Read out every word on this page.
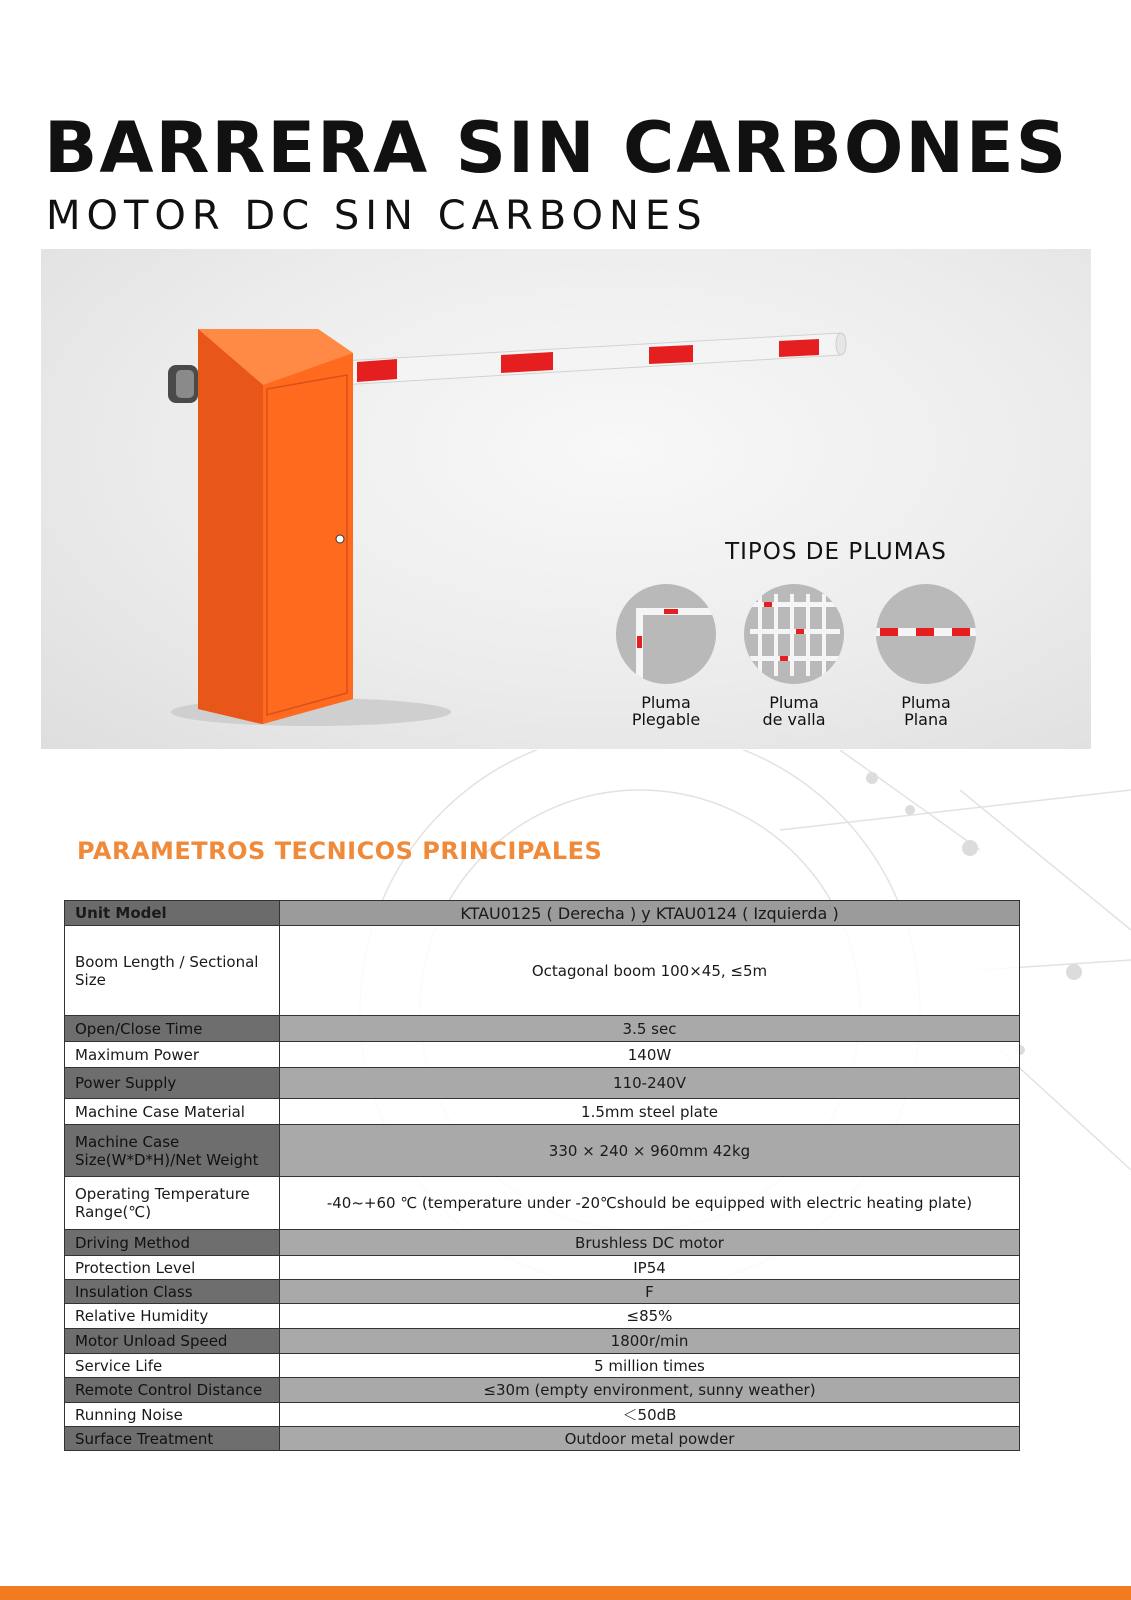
BARRERA SIN CARBONES
MOTOR DC SIN CARBONES
TIPOS DE PLUMAS
Pluma
Plegable
Pluma
de valla
Pluma
Plana
PARAMETROS TECNICOS PRINCIPALES
Unit Model	KTAU0125 ( Derecha ) y KTAU0124 ( Izquierda )
Boom Length / Sectional Size	Octagonal boom 100×45, ≤5m
Open/Close Time	3.5 sec
Maximum Power	140W
Power Supply	110-240V
Machine Case Material	1.5mm steel plate
Machine Case Size(W*D*H)/Net Weight	330 × 240 × 960mm 42kg
Operating Temperature Range(℃)	-40~+60 ℃ (temperature under -20℃should be equipped with electric heating plate)
Driving Method	Brushless DC motor
Protection Level	IP54
Insulation Class	F
Relative Humidity	≤85%
Motor Unload Speed	1800r/min
Service Life	5 million times
Remote Control Distance	≤30m (empty environment, sunny weather)
Running Noise	＜50dB
Surface Treatment	Outdoor metal powder
